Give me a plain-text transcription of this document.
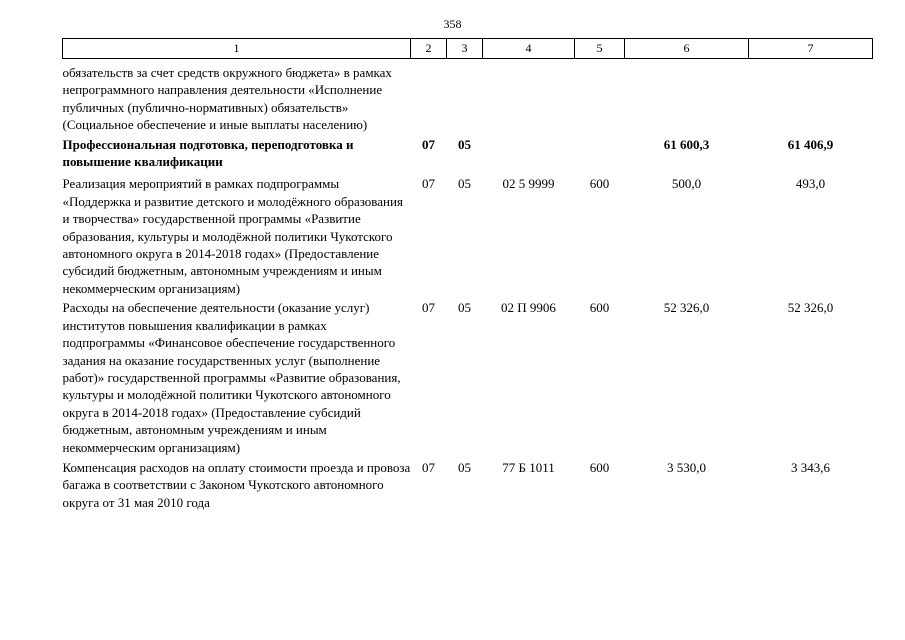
358
1	2	3	4	5	6	7
обязательств за счет средств окружного бюджета» в рамках непрограммного направления деятельности «Исполнение публичных (публично-нормативных) обязательств» (Социальное обеспечение и иные выплаты населению)						
Профессиональная подготовка, переподготовка и повышение квалификации	07	05			61 600,3	61 406,9
Реализация мероприятий в рамках подпрограммы «Поддержка и развитие детского и молодёжного образования и творчества» государственной программы «Развитие образования, культуры и молодёжной политики Чукотского автономного округа в 2014-2018 годах» (Предоставление субсидий бюджетным, автономным учреждениям и иным некоммерческим организациям)	07	05	02 5 9999	600	500,0	493,0
Расходы на обеспечение деятельности (оказание услуг) институтов повышения квалификации в рамках подпрограммы «Финансовое обеспечение государственного задания на оказание государственных услуг (выполнение работ)» государственной программы «Развитие образования, культуры и молодёжной политики Чукотского автономного округа в 2014-2018 годах» (Предоставление субсидий бюджетным, автономным учреждениям и иным некоммерческим организациям)	07	05	02 П 9906	600	52 326,0	52 326,0
Компенсация расходов на оплату стоимости проезда и провоза багажа в соответствии с Законом Чукотского автономного округа от 31 мая 2010 года	07	05	77 Б 1011	600	3 530,0	3 343,6
